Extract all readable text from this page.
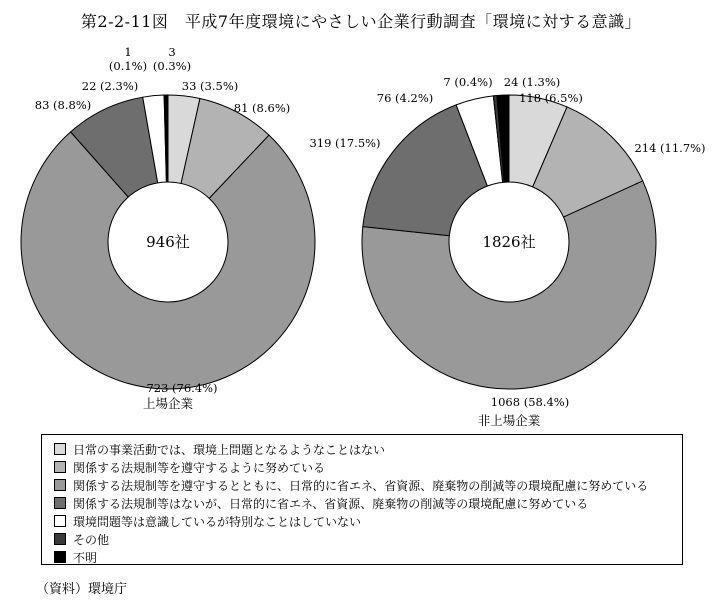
第2-2-11図　平成7年度環境にやさしい企業行動調査「環境に対する意識」
33 (3.5%)
81 (8.6%)
723 (76.4%)
83 (8.8%)
22 (2.3%)
1 (0.1%)
3 (0.3%)
946社
上場企業
118 (6.5%)
214 (11.7%)
1068 (58.4%)
319 (17.5%)
76 (4.2%)
7 (0.4%) 24 (1.3%)
1826社
非上場企業
日常の事業活動では、環境上問題となるようなことはない
関係する法規制等を遵守するように努めている
関係する法規制等を遵守するとともに、日常的に省エネ、省資源、廃棄物の削減等の環境配慮に努めている
関係する法規制等はないが、日常的に省エネ、省資源、廃棄物の削減等の環境配慮に努めている
環境問題等は意識しているが特別なことはしていない
その他
不明
（資料）環境庁
